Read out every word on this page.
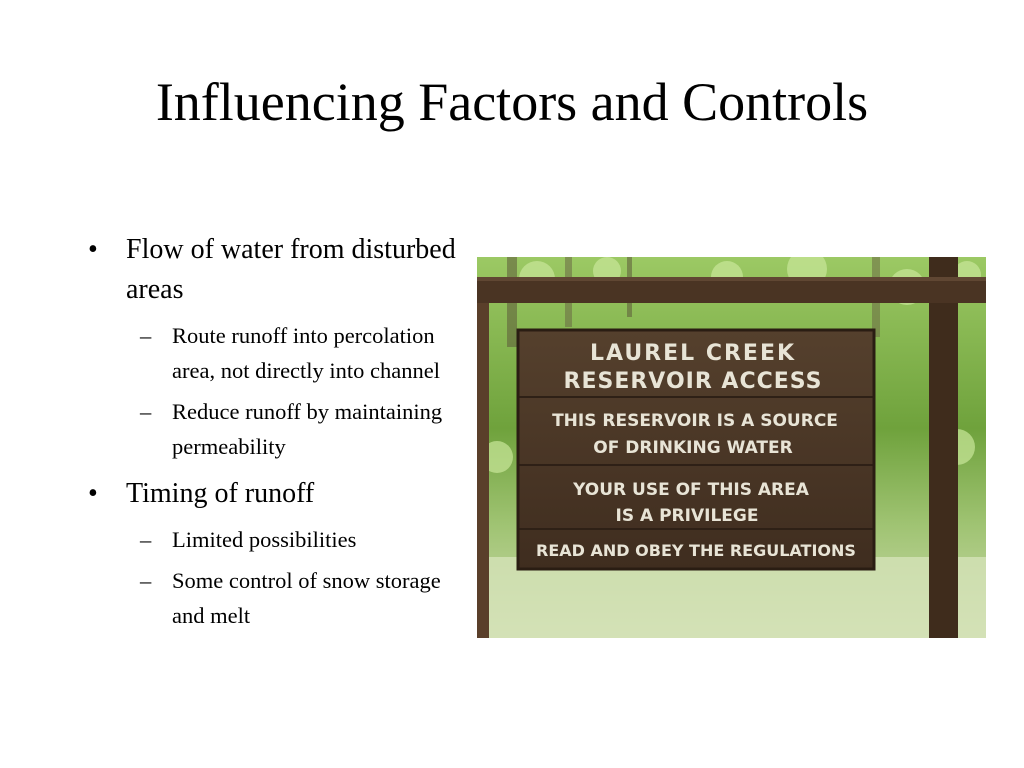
Influencing Factors and Controls
• Flow of water from disturbed areas
– Route runoff into percolation area, not directly into channel
– Reduce runoff by maintaining permeability
• Timing of runoff
– Limited possibilities
– Some control of snow storage and melt
LAUREL CREEK
RESERVOIR ACCESS
THIS RESERVOIR IS A SOURCE
OF DRINKING WATER
YOUR USE OF THIS AREA
IS A PRIVILEGE
READ AND OBEY THE REGULATIONS
